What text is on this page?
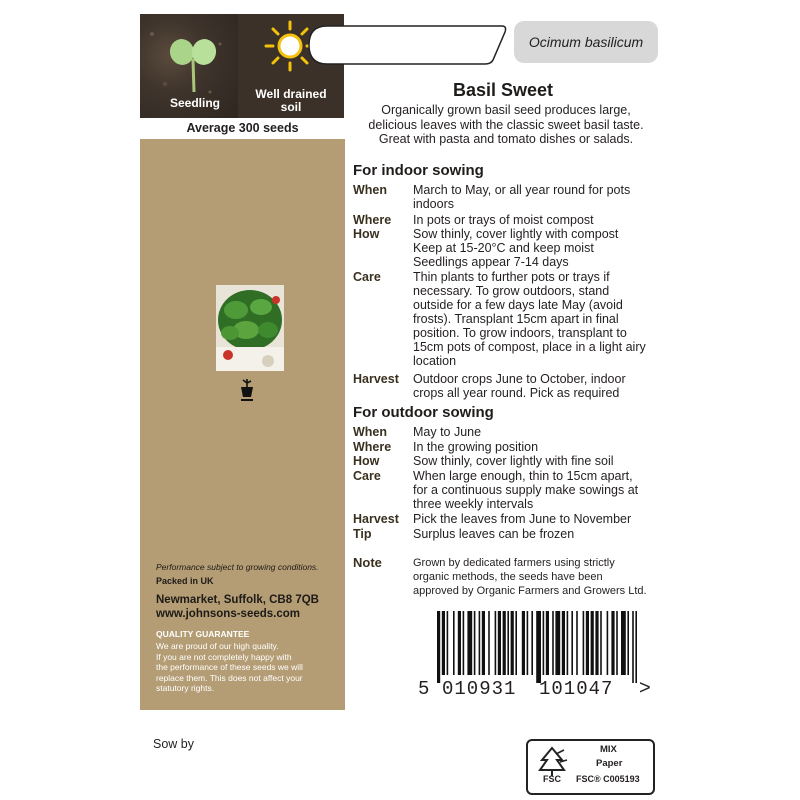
Seedling
Well drained
soil
Average 300 seeds
Performance subject to growing conditions.
Packed in UK
Newmarket, Suffolk, CB8 7QB
www.johnsons-seeds.com
QUALITY GUARANTEE
We are proud of our high quality.
If you are not completely happy with
the performance of these seeds we will
replace them. This does not affect your
statutory rights.
Ocimum basilicum
Basil Sweet
Organically grown basil seed produces large,
delicious leaves with the classic sweet basil taste.
Great with pasta and tomato dishes or salads.
For indoor sowing
When March to May, or all year round for pots
indoors
Where In pots or trays of moist compost
How	Sow thinly, cover lightly with compost
Keep at 15-20°C and keep moist
Seedlings appear 7-14 days
Care	Thin plants to further pots or trays if
necessary. To grow outdoors, stand
outside for a few days late May (avoid
frosts). Transplant 15cm apart in final
position. To grow indoors, transplant to
15cm pots of compost, place in a light airy
location
Harvest Outdoor crops June to October, indoor
crops all year round. Pick as required
For outdoor sowing
When May to June
Where In the growing position
How	Sow thinly, cover lightly with fine soil
Care	When large enough, thin to 15cm apart,
for a continuous supply make sowings at
three weekly intervals
Harvest Pick the leaves from June to November
Tip	Surplus leaves can be frozen
Note	Grown by dedicated farmers using strictly
organic methods, the seeds have been
approved by Organic Farmers and Growers Ltd.
5 010931	101047	>
Sow by
FSC
MIX
Paper
FSC® C005193
